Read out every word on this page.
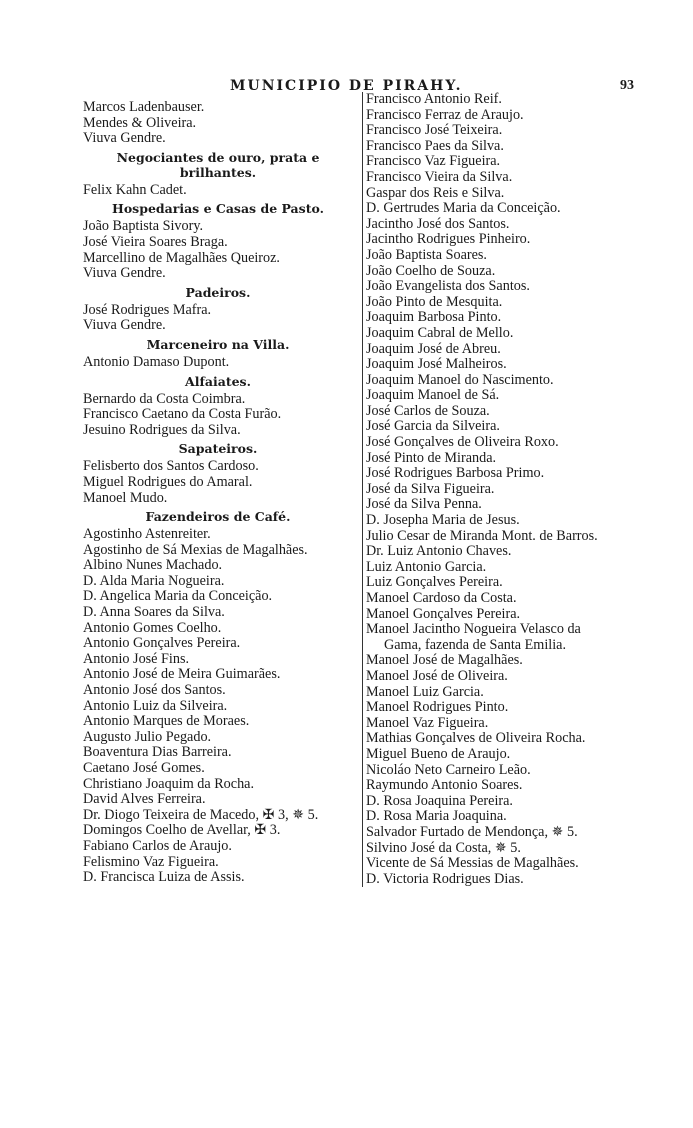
MUNICIPIO DE PIRAHY.	93
Marcos Ladenbauser.
Mendes & Oliveira.
Viuva Gendre.
Negociantes de ouro, prata e brilhantes.
Felix Kahn Cadet.
Hospedarias e Casas de Pasto.
João Baptista Sivory.
José Vieira Soares Braga.
Marcellino de Magalhães Queiroz.
Viuva Gendre.
Padeiros.
José Rodrigues Mafra.
Viuva Gendre.
Marceneiro na Villa.
Antonio Damaso Dupont.
Alfaiates.
Bernardo da Costa Coimbra.
Francisco Caetano da Costa Furão.
Jesuino Rodrigues da Silva.
Sapateiros.
Felisberto dos Santos Cardoso.
Miguel Rodrigues do Amaral.
Manoel Mudo.
Fazendeiros de Café.
Agostinho Astenreiter.
Agostinho de Sá Mexias de Magalhães.
Albino Nunes Machado.
D. Alda Maria Nogueira.
D. Angelica Maria da Conceição.
D. Anna Soares da Silva.
Antonio Gomes Coelho.
Antonio Gonçalves Pereira.
Antonio José Fins.
Antonio José de Meira Guimarães.
Antonio José dos Santos.
Antonio Luiz da Silveira.
Antonio Marques de Moraes.
Augusto Julio Pegado.
Boaventura Dias Barreira.
Caetano José Gomes.
Christiano Joaquim da Rocha.
David Alves Ferreira.
Dr. Diogo Teixeira de Macedo, ✠ 3, ✵ 5.
Domingos Coelho de Avellar, ✠ 3.
Fabiano Carlos de Araujo.
Felismino Vaz Figueira.
D. Francisca Luiza de Assis.
Francisco Antonio Reif.
Francisco Ferraz de Araujo.
Francisco José Teixeira.
Francisco Paes da Silva.
Francisco Vaz Figueira.
Francisco Vieira da Silva.
Gaspar dos Reis e Silva.
D. Gertrudes Maria da Conceição.
Jacintho José dos Santos.
Jacintho Rodrigues Pinheiro.
João Baptista Soares.
João Coelho de Souza.
João Evangelista dos Santos.
João Pinto de Mesquita.
Joaquim Barbosa Pinto.
Joaquim Cabral de Mello.
Joaquim José de Abreu.
Joaquim José Malheiros.
Joaquim Manoel do Nascimento.
Joaquim Manoel de Sá.
José Carlos de Souza.
José Garcia da Silveira.
José Gonçalves de Oliveira Roxo.
José Pinto de Miranda.
José Rodrigues Barbosa Primo.
José da Silva Figueira.
José da Silva Penna.
D. Josepha Maria de Jesus.
Julio Cesar de Miranda Mont. de Barros.
Dr. Luiz Antonio Chaves.
Luiz Antonio Garcia.
Luiz Gonçalves Pereira.
Manoel Cardoso da Costa.
Manoel Gonçalves Pereira.
Manoel Jacintho Nogueira Velasco da
Gama, fazenda de Santa Emilia.
Manoel José de Magalhães.
Manoel José de Oliveira.
Manoel Luiz Garcia.
Manoel Rodrigues Pinto.
Manoel Vaz Figueira.
Mathias Gonçalves de Oliveira Rocha.
Miguel Bueno de Araujo.
Nicoláo Neto Carneiro Leão.
Raymundo Antonio Soares.
D. Rosa Joaquina Pereira.
D. Rosa Maria Joaquina.
Salvador Furtado de Mendonça, ✵ 5.
Silvino José da Costa, ✵ 5.
Vicente de Sá Messias de Magalhães.
D. Victoria Rodrigues Dias.
